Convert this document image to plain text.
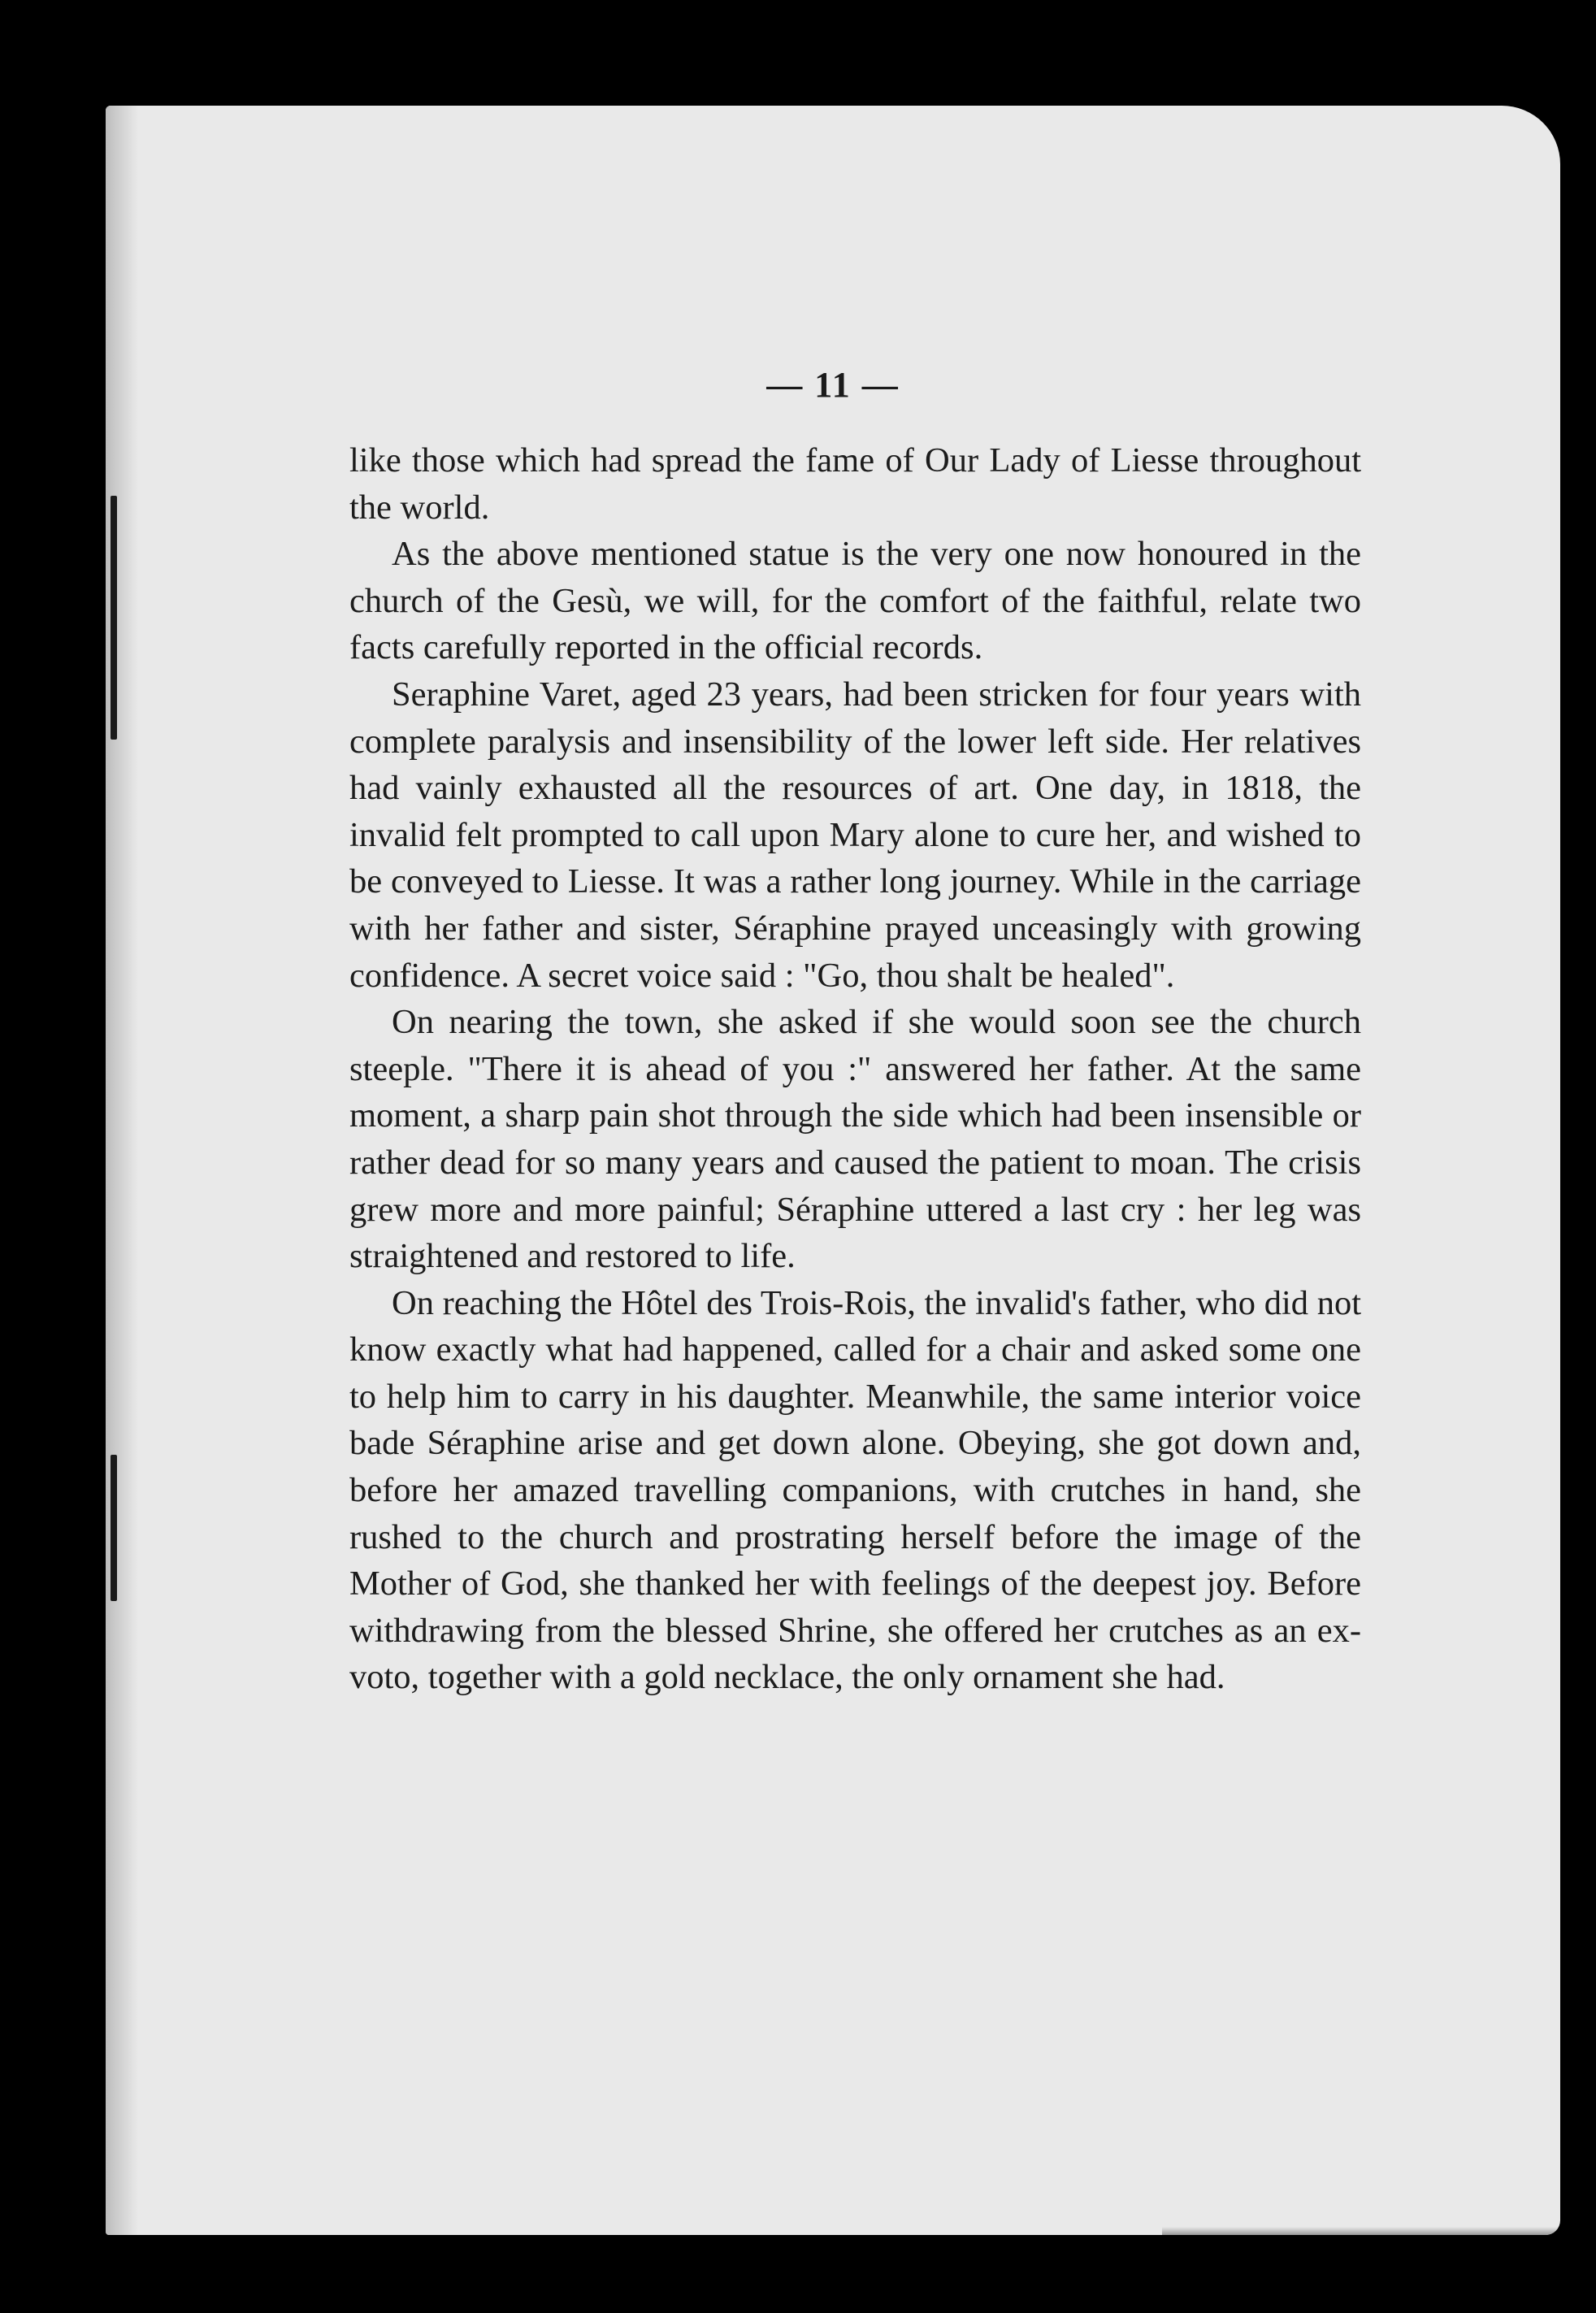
— 11 —

like those which had spread the fame of Our Lady of Liesse throughout the world.

As the above mentioned statue is the very one now honoured in the church of the Gesù, we will, for the comfort of the faithful, relate two facts carefully reported in the official records.

Seraphine Varet, aged 23 years, had been stricken for four years with complete paralysis and insensibility of the lower left side. Her relatives had vainly exhausted all the resources of art. One day, in 1818, the invalid felt prompted to call upon Mary alone to cure her, and wished to be conveyed to Liesse. It was a rather long journey. While in the carriage with her father and sister, Séraphine prayed unceasingly with growing confidence. A secret voice said : "Go, thou shalt be healed".

On nearing the town, she asked if she would soon see the church steeple. "There it is ahead of you :" answered her father. At the same moment, a sharp pain shot through the side which had been insensible or rather dead for so many years and caused the patient to moan. The crisis grew more and more painful; Séraphine uttered a last cry : her leg was straightened and restored to life.

On reaching the Hôtel des Trois-Rois, the invalid's father, who did not know exactly what had happened, called for a chair and asked some one to help him to carry in his daughter. Meanwhile, the same interior voice bade Séraphine arise and get down alone. Obeying, she got down and, before her amazed travelling companions, with crutches in hand, she rushed to the church and prostrating herself before the image of the Mother of God, she thanked her with feelings of the deepest joy. Before withdrawing from the blessed Shrine, she offered her crutches as an ex-voto, together with a gold necklace, the only ornament she had.
